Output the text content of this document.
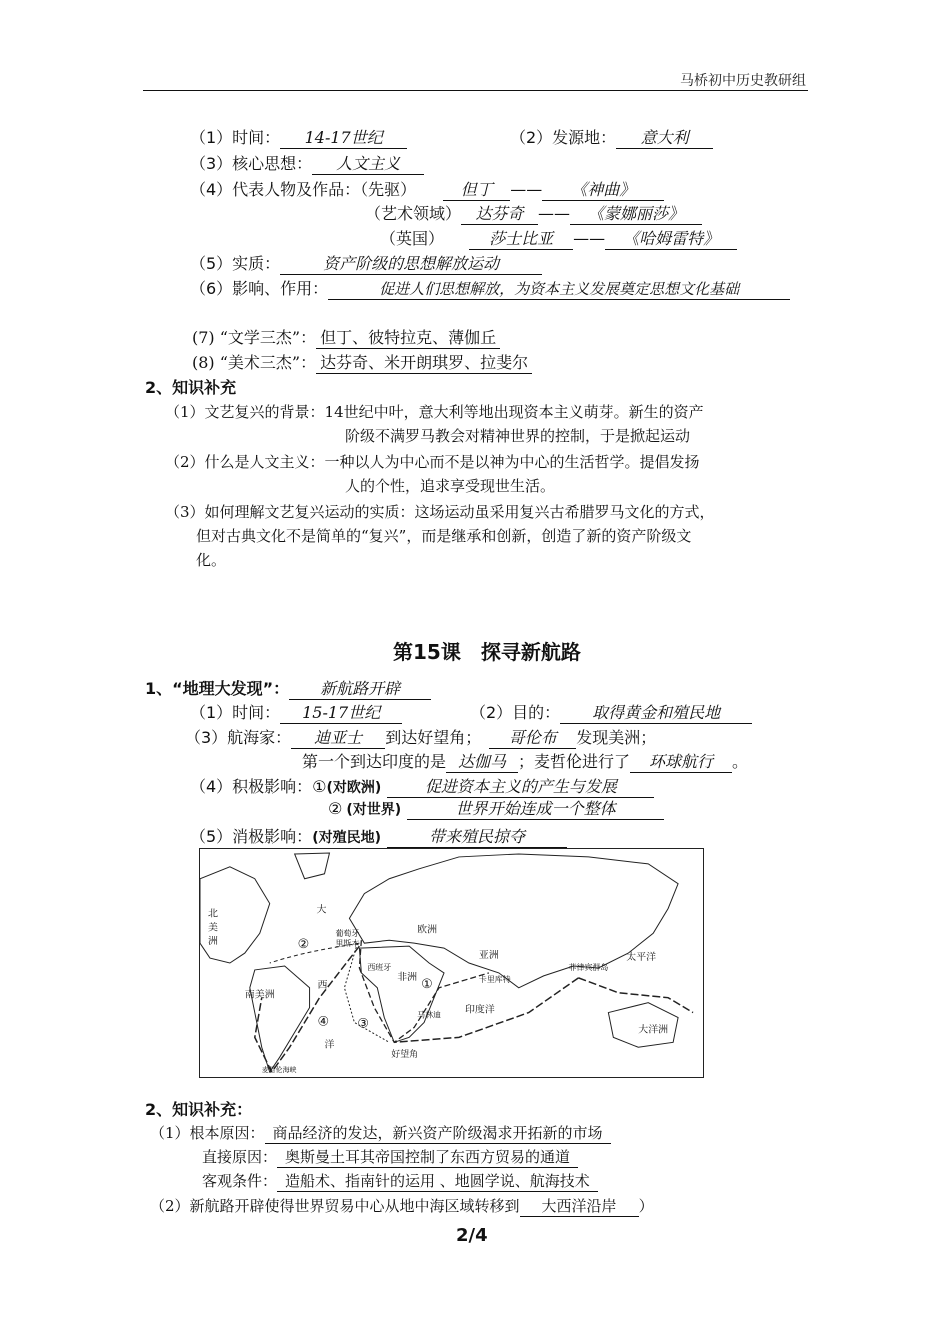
马桥初中历史教研组
（1）时间： 14-17世纪	（2）发源地： 意大利
（3）核心思想： 人文主义
（4）代表人物及作品：（先驱）	但丁 —— 《神曲》
（艺术领域） 达芬奇 —— 《蒙娜丽莎》
（英国）	莎士比亚 —— 《哈姆雷特》
（5）实质：	资产阶级的思想解放运动
（6）影响、作用：	促进人们思想解放，为资本主义发展奠定思想文化基础
(7) “文学三杰”： 但丁、彼特拉克、薄伽丘
(8) “美术三杰”： 达芬奇、米开朗琪罗、拉斐尔
2、知识补充
（1）文艺复兴的背景：14世纪中叶，意大利等地出现资本主义萌芽。新生的资产
阶级不满罗马教会对精神世界的控制，于是掀起运动
（2）什么是人文主义：一种以人为中心而不是以神为中心的生活哲学。提倡发扬
人的个性，追求享受现世生活。
（3）如何理解文艺复兴运动的实质：这场运动虽采用复兴古希腊罗马文化的方式，
但对古典文化不是简单的“复兴”，而是继承和创新，创造了新的资产阶级文
化。
第15课　探寻新航路
1、“地理大发现”： 新航路开辟
（1）时间： 15-17世纪	（2）目的： 取得黄金和殖民地
（3）航海家： 迪亚士 到达好望角； 哥伦布 发现美洲；
第一个到达印度的是 达伽马 ；麦哲伦进行了 环球航行 。
（4）积极影响：①(对欧洲)	促进资本主义的产生与发展
② (对世界)	世界开始连成一个整体
（5）消极影响：(对殖民地)	带来殖民掠夺
北
美
洲
大
西
洋
葡萄牙
里斯本
西班牙
欧洲
亚洲
非洲
南美洲
马林迪
卡里库特
菲律宾群岛
太平洋
印度洋
大洋洲
好望角
麦哲伦海峡
①
②
③
④
2、知识补充：
（1）根本原因： 商品经济的发达，新兴资产阶级渴求开拓新的市场
直接原因： 奥斯曼土耳其帝国控制了东西方贸易的通道
客观条件： 造船术、指南针的运用 、地圆学说、航海技术
（2）新航路开辟使得世界贸易中心从地中海区域转移到 大西洋沿岸 ）
2/4
